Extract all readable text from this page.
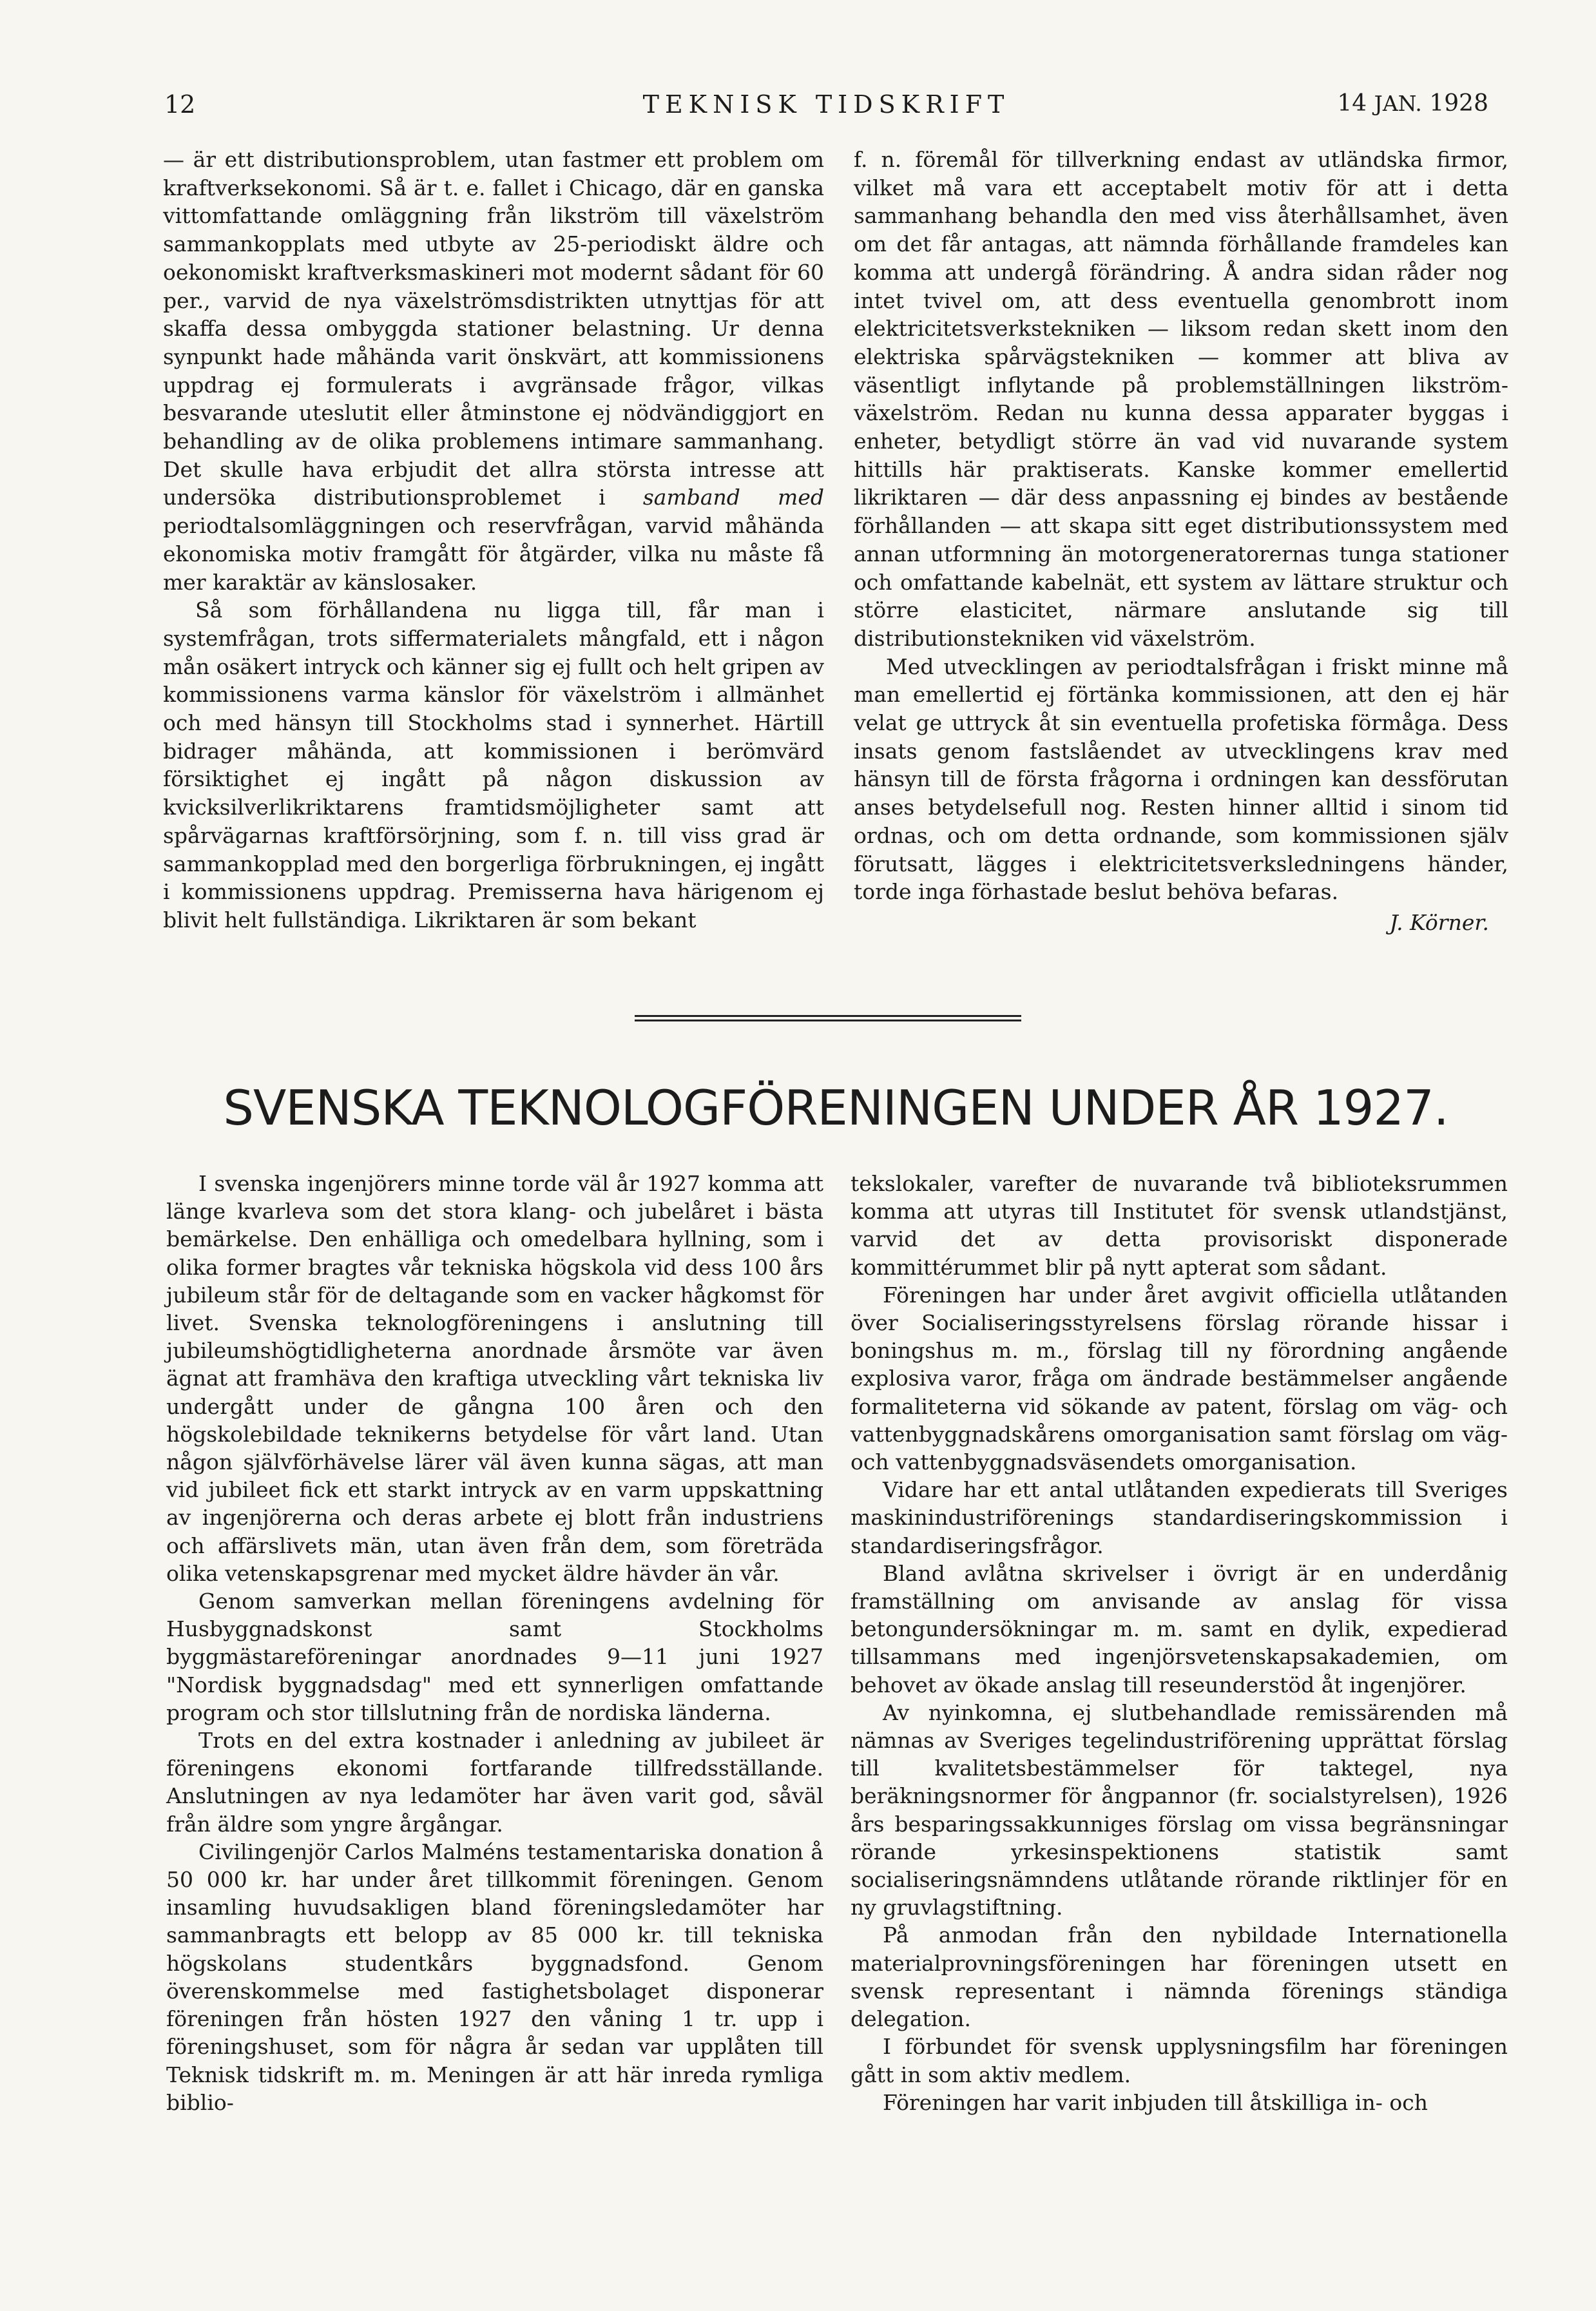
12	TEKNISK TIDSKRIFT	14 JAN. 1928

— är ett distributionsproblem, utan fastmer ett problem om kraftverksekonomi. Så är t. e. fallet i Chicago, där en ganska vittomfattande omläggning från likström till växelström sammankopplats med utbyte av 25-periodiskt äldre och oekonomiskt kraftverksmaskineri mot modernt sådant för 60 per., varvid de nya växelströmsdistrikten utnyttjas för att skaffa dessa ombyggda stationer belastning. Ur denna synpunkt hade måhända varit önskvärt, att kommissionens uppdrag ej formulerats i avgränsade frågor, vilkas besvarande uteslutit eller åtminstone ej nödvändiggjort en behandling av de olika problemens intimare sammanhang. Det skulle hava erbjudit det allra största intresse att undersöka distributionsproblemet i samband med periodtalsomläggningen och reservfrågan, varvid måhända ekonomiska motiv framgått för åtgärder, vilka nu måste få mer karaktär av känslosaker.

Så som förhållandena nu ligga till, får man i systemfrågan, trots siffermaterialets mångfald, ett i någon mån osäkert intryck och känner sig ej fullt och helt gripen av kommissionens varma känslor för växelström i allmänhet och med hänsyn till Stockholms stad i synnerhet. Härtill bidrager måhända, att kommissionen i berömvärd försiktighet ej ingått på någon diskussion av kvicksilverlikriktarens framtidsmöjligheter samt att spårvägarnas kraftförsörjning, som f. n. till viss grad är sammankopplad med den borgerliga förbrukningen, ej ingått i kommissionens uppdrag. Premisserna hava härigenom ej blivit helt fullständiga. Likriktaren är som bekant

f. n. föremål för tillverkning endast av utländska firmor, vilket må vara ett acceptabelt motiv för att i detta sammanhang behandla den med viss återhållsamhet, även om det får antagas, att nämnda förhållande framdeles kan komma att undergå förändring. Å andra sidan råder nog intet tvivel om, att dess eventuella genombrott inom elektricitetsverkstekniken — liksom redan skett inom den elektriska spårvägstekniken — kommer att bliva av väsentligt inflytande på problemställningen likström-växelström. Redan nu kunna dessa apparater byggas i enheter, betydligt större än vad vid nuvarande system hittills här praktiserats. Kanske kommer emellertid likriktaren — där dess anpassning ej bindes av bestående förhållanden — att skapa sitt eget distributionssystem med annan utformning än motorgeneratorernas tunga stationer och omfattande kabelnät, ett system av lättare struktur och större elasticitet, närmare anslutande sig till distributionstekniken vid växelström.

Med utvecklingen av periodtalsfrågan i friskt minne må man emellertid ej förtänka kommissionen, att den ej här velat ge uttryck åt sin eventuella profetiska förmåga. Dess insats genom fastslåendet av utvecklingens krav med hänsyn till de första frågorna i ordningen kan dessförutan anses betydelsefull nog. Resten hinner alltid i sinom tid ordnas, och om detta ordnande, som kommissionen själv förutsatt, lägges i elektricitetsverksledningens händer, torde inga förhastade beslut behöva befaras.

J. Körner.

SVENSKA TEKNOLOGFÖRENINGEN UNDER ÅR 1927.

I svenska ingenjörers minne torde väl år 1927 komma att länge kvarleva som det stora klang- och jubelåret i bästa bemärkelse. Den enhälliga och omedelbara hyllning, som i olika former bragtes vår tekniska högskola vid dess 100 års jubileum står för de deltagande som en vacker hågkomst för livet. Svenska teknologföreningens i anslutning till jubileumshögtidligheterna anordnade årsmöte var även ägnat att framhäva den kraftiga utveckling vårt tekniska liv undergått under de gångna 100 åren och den högskolebildade teknikerns betydelse för vårt land. Utan någon självförhävelse lärer väl även kunna sägas, att man vid jubileet fick ett starkt intryck av en varm uppskattning av ingenjörerna och deras arbete ej blott från industriens och affärslivets män, utan även från dem, som företräda olika vetenskapsgrenar med mycket äldre hävder än vår.

Genom samverkan mellan föreningens avdelning för Husbyggnadskonst samt Stockholms byggmästareföreningar anordnades 9—11 juni 1927 "Nordisk byggnadsdag" med ett synnerligen omfattande program och stor tillslutning från de nordiska länderna.

Trots en del extra kostnader i anledning av jubileet är föreningens ekonomi fortfarande tillfredsställande. Anslutningen av nya ledamöter har även varit god, såväl från äldre som yngre årgångar.

Civilingenjör Carlos Malméns testamentariska donation å 50 000 kr. har under året tillkommit föreningen. Genom insamling huvudsakligen bland föreningsledamöter har sammanbragts ett belopp av 85 000 kr. till tekniska högskolans studentkårs byggnadsfond. Genom överenskommelse med fastighetsbolaget disponerar föreningen från hösten 1927 den våning 1 tr. upp i föreningshuset, som för några år sedan var upplåten till Teknisk tidskrift m. m. Meningen är att här inreda rymliga biblio-

tekslokaler, varefter de nuvarande två biblioteksrummen komma att utyras till Institutet för svensk utlandstjänst, varvid det av detta provisoriskt disponerade kommittérummet blir på nytt apterat som sådant.

Föreningen har under året avgivit officiella utlåtanden över Socialiseringsstyrelsens förslag rörande hissar i boningshus m. m., förslag till ny förordning angående explosiva varor, fråga om ändrade bestämmelser angående formaliteterna vid sökande av patent, förslag om väg- och vattenbyggnadskårens omorganisation samt förslag om väg- och vattenbyggnadsväsendets omorganisation.

Vidare har ett antal utlåtanden expedierats till Sveriges maskinindustriförenings standardiseringskommission i standardiseringsfrågor.

Bland avlåtna skrivelser i övrigt är en underdånig framställning om anvisande av anslag för vissa betongundersökningar m. m. samt en dylik, expedierad tillsammans med ingenjörsvetenskapsakademien, om behovet av ökade anslag till reseunderstöd åt ingenjörer.

Av nyinkomna, ej slutbehandlade remissärenden må nämnas av Sveriges tegelindustriförening upprättat förslag till kvalitetsbestämmelser för taktegel, nya beräkningsnormer för ångpannor (fr. socialstyrelsen), 1926 års besparingssakkunniges förslag om vissa begränsningar rörande yrkesinspektionens statistik samt socialiseringsnämndens utlåtande rörande riktlinjer för en ny gruvlagstiftning.

På anmodan från den nybildade Internationella materialprovningsföreningen har föreningen utsett en svensk representant i nämnda förenings ständiga delegation.

I förbundet för svensk upplysningsfilm har föreningen gått in som aktiv medlem.

Föreningen har varit inbjuden till åtskilliga in- och
